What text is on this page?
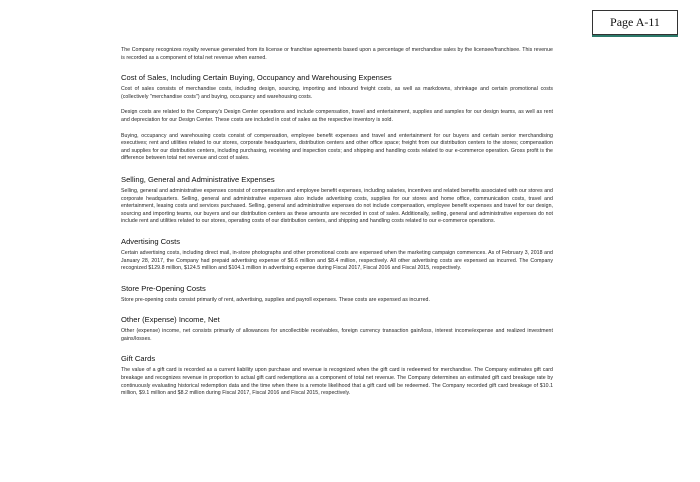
Page A-11

The Company recognizes royalty revenue generated from its license or franchise agreements based upon a percentage of merchandise sales by the licensee/franchisee. This revenue is recorded as a component of total net revenue when earned.

Cost of Sales, Including Certain Buying, Occupancy and Warehousing Expenses

Cost of sales consists of merchandise costs, including design, sourcing, importing and inbound freight costs, as well as markdowns, shrinkage and certain promotional costs (collectively "merchandise costs") and buying, occupancy and warehousing costs.

Design costs are related to the Company's Design Center operations and include compensation, travel and entertainment, supplies and samples for our design teams, as well as rent and depreciation for our Design Center. These costs are included in cost of sales as the respective inventory is sold.

Buying, occupancy and warehousing costs consist of compensation, employee benefit expenses and travel and entertainment for our buyers and certain senior merchandising executives; rent and utilities related to our stores, corporate headquarters, distribution centers and other office space; freight from our distribution centers to the stores; compensation and supplies for our distribution centers, including purchasing, receiving and inspection costs; and shipping and handling costs related to our e-commerce operation. Gross profit is the difference between total net revenue and cost of sales.

Selling, General and Administrative Expenses

Selling, general and administrative expenses consist of compensation and employee benefit expenses, including salaries, incentives and related benefits associated with our stores and corporate headquarters. Selling, general and administrative expenses also include advertising costs, supplies for our stores and home office, communication costs, travel and entertainment, leasing costs and services purchased. Selling, general and administrative expenses do not include compensation, employee benefit expenses and travel for our design, sourcing and importing teams, our buyers and our distribution centers as these amounts are recorded in cost of sales. Additionally, selling, general and administrative expenses do not include rent and utilities related to our stores, operating costs of our distribution centers, and shipping and handling costs related to our e-commerce operations.

Advertising Costs

Certain advertising costs, including direct mail, in-store photographs and other promotional costs are expensed when the marketing campaign commences. As of February 3, 2018 and January 28, 2017, the Company had prepaid advertising expense of $6.6 million and $8.4 million, respectively. All other advertising costs are expensed as incurred. The Company recognized $129.8 million, $124.5 million and $104.1 million in advertising expense during Fiscal 2017, Fiscal 2016 and Fiscal 2015, respectively.

Store Pre-Opening Costs

Store pre-opening costs consist primarily of rent, advertising, supplies and payroll expenses. These costs are expensed as incurred.

Other (Expense) Income, Net

Other (expense) income, net consists primarily of allowances for uncollectible receivables, foreign currency transaction gain/loss, interest income/expense and realized investment gains/losses.

Gift Cards

The value of a gift card is recorded as a current liability upon purchase and revenue is recognized when the gift card is redeemed for merchandise. The Company estimates gift card breakage and recognizes revenue in proportion to actual gift card redemptions as a component of total net revenue. The Company determines an estimated gift card breakage rate by continuously evaluating historical redemption data and the time when there is a remote likelihood that a gift card will be redeemed. The Company recorded gift card breakage of $10.1 million, $9.1 million and $8.2 million during Fiscal 2017, Fiscal 2016 and Fiscal 2015, respectively.
